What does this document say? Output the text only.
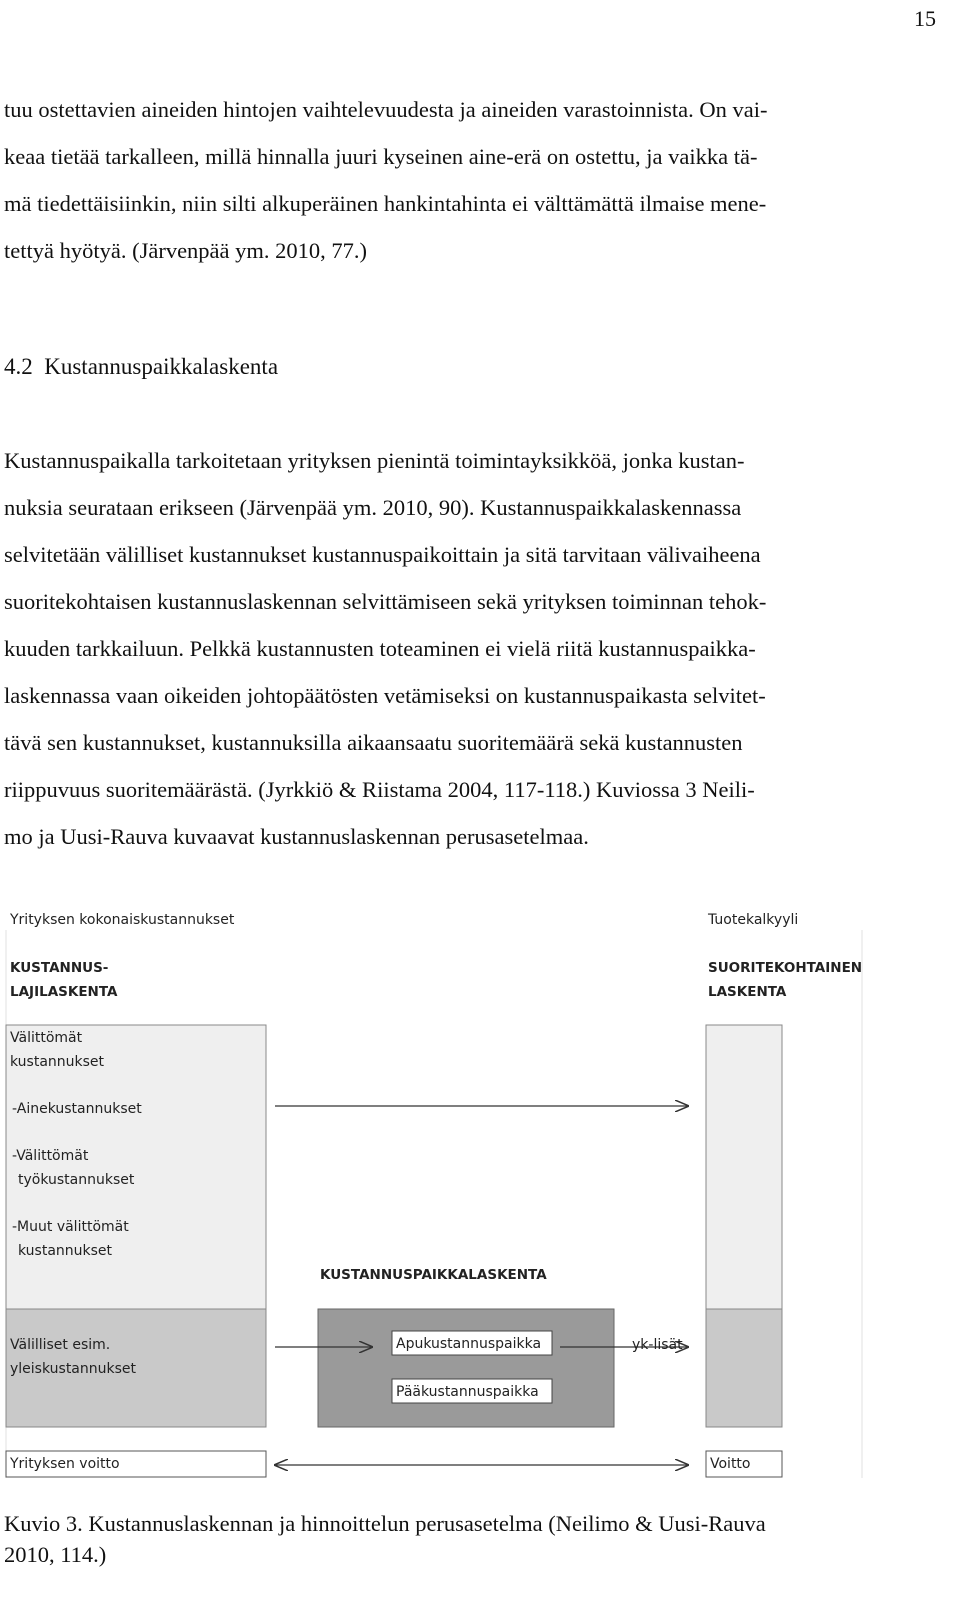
15

tuu ostettavien aineiden hintojen vaihtelevuudesta ja aineiden varastoinnista. On vai-

keaa tietää tarkalleen, millä hinnalla juuri kyseinen aine-erä on ostettu, ja vaikka tä-

mä tiedettäisiinkin, niin silti alkuperäinen hankintahinta ei välttämättä ilmaise mene-

tettyä hyötyä. (Järvenpää ym. 2010, 77.)

4.2  Kustannuspaikkalaskenta

Kustannuspaikalla tarkoitetaan yrityksen pienintä toimintayksikköä, jonka kustan-

nuksia seurataan erikseen (Järvenpää ym. 2010, 90). Kustannuspaikkalaskennassa

selvitetään välilliset kustannukset kustannuspaikoittain ja sitä tarvitaan välivaiheena

suoritekohtaisen kustannuslaskennan selvittämiseen sekä yrityksen toiminnan tehok-

kuuden tarkkailuun. Pelkkä kustannusten toteaminen ei vielä riitä kustannuspaikka-

laskennassa vaan oikeiden johtopäätösten vetämiseksi on kustannuspaikasta selvitet-

tävä sen kustannukset, kustannuksilla aikaansaatu suoritemäärä sekä kustannusten

riippuvuus suoritemäärästä. (Jyrkkiö & Riistama 2004, 117-118.) Kuviossa 3 Neili-

mo ja Uusi-Rauva kuvaavat kustannuslaskennan perusasetelmaa.

Yrityksen kokonaiskustannukset	Tuotekalkyyli
KUSTANNUS-
LAJILASKENTA
SUORITEKOHTAINEN
LASKENTA
Välittömät
kustannukset
-Ainekustannukset
-Välittömät
työkustannukset
-Muut välittömät
kustannukset
KUSTANNUSPAIKKALASKENTA
Välilliset esim.
yleiskustannukset
Apukustannuspaikka
Pääkustannuspaikka
yk-lisät
Yrityksen voitto	Voitto
Kuvio 3. Kustannuslaskennan ja hinnoittelun perusasetelma (Neilimo & Uusi-Rauva
2010, 114.)
